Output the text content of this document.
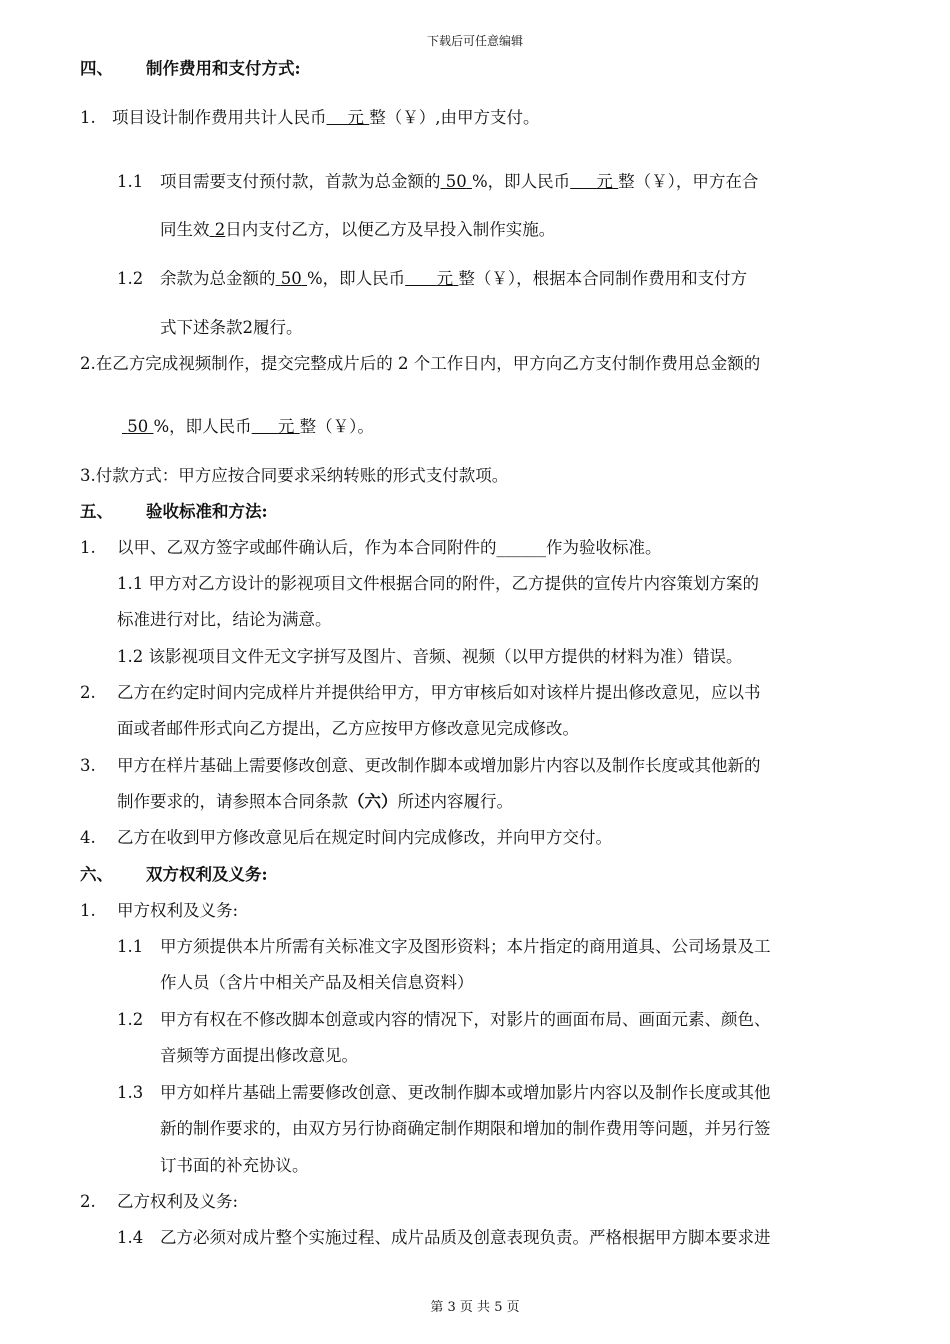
下载后可任意编辑
四、 制作费用和支付方式:
1. 项目设计制作费用共计人民币 元 整（￥）,由甲方支付。
1.1 项目需要支付预付款，首款为总金额的 50 %，即人民币 元 整（￥），甲方在合
同生效 2日内支付乙方，以便乙方及早投入制作实施。
1.2 余款为总金额的 50 %，即人民币 元 整（￥），根据本合同制作费用和支付方
式下述条款2履行。
2.在乙方完成视频制作，提交完整成片后的 2 个工作日内，甲方向乙方支付制作费用总金额的
50 %，即人民币 元 整（￥）。
3.付款方式：甲方应按合同要求采纳转账的形式支付款项。
五、 验收标准和方法:
1. 以甲、乙双方签字或邮件确认后，作为本合同附件的______作为验收标准。
1.1 甲方对乙方设计的影视项目文件根据合同的附件，乙方提供的宣传片内容策划方案的
标准进行对比，结论为满意。
1.2 该影视项目文件无文字拼写及图片、音频、视频（以甲方提供的材料为准）错误。
2. 乙方在约定时间内完成样片并提供给甲方，甲方审核后如对该样片提出修改意见，应以书
面或者邮件形式向乙方提出，乙方应按甲方修改意见完成修改。
3. 甲方在样片基础上需要修改创意、更改制作脚本或增加影片内容以及制作长度或其他新的
制作要求的，请参照本合同条款（六）所述内容履行。
4. 乙方在收到甲方修改意见后在规定时间内完成修改，并向甲方交付。
六、 双方权利及义务:
1. 甲方权利及义务:
1.1 甲方须提供本片所需有关标准文字及图形资料；本片指定的商用道具、公司场景及工
作人员（含片中相关产品及相关信息资料）
1.2 甲方有权在不修改脚本创意或内容的情况下，对影片的画面布局、画面元素、颜色、
音频等方面提出修改意见。
1.3 甲方如样片基础上需要修改创意、更改制作脚本或增加影片内容以及制作长度或其他
新的制作要求的，由双方另行协商确定制作期限和增加的制作费用等问题，并另行签
订书面的补充协议。
2. 乙方权利及义务:
1.4 乙方必须对成片整个实施过程、成片品质及创意表现负责。严格根据甲方脚本要求进
第 3 页 共 5 页
